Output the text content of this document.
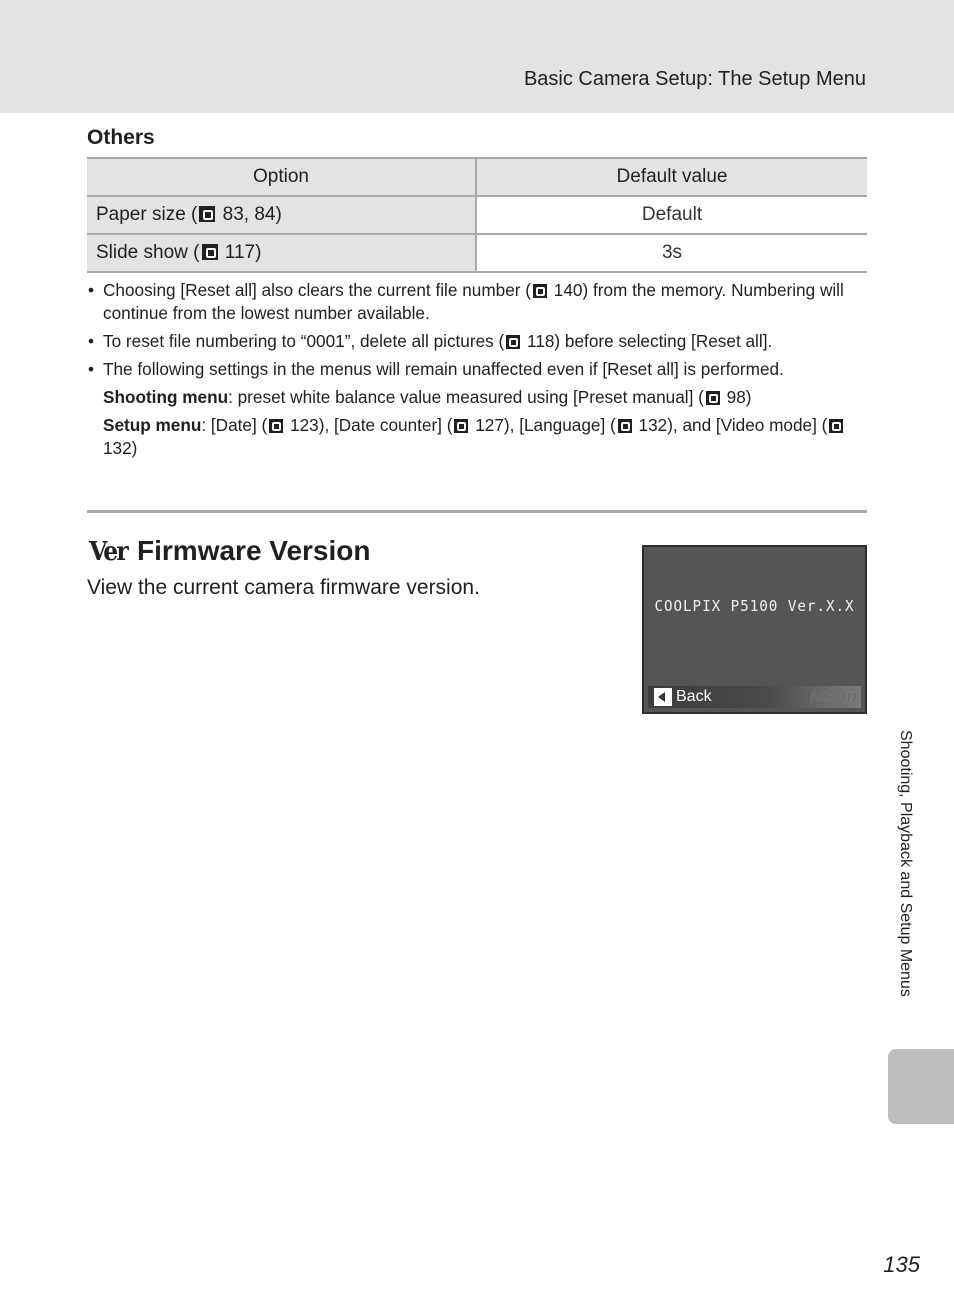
Basic Camera Setup: The Setup Menu
Others
Option	Default value
Paper size ( 83, 84)	Default
Slide show ( 117)	3s
• Choosing [Reset all] also clears the current file number ( 140) from the memory. Numbering will continue from the lowest number available.
• To reset file numbering to “0001”, delete all pictures ( 118) before selecting [Reset all].
• The following settings in the menus will remain unaffected even if [Reset all] is performed.
Shooting menu: preset white balance value measured using [Preset manual] ( 98)
Setup menu: [Date] ( 123), [Date counter] ( 127), [Language] ( 132), and [Video mode] ( 132)
Ver Firmware Version
View the current camera firmware version.
COOLPIX P5100 Ver.X.X
Back	Nikon
Shooting, Playback and Setup Menus
135
